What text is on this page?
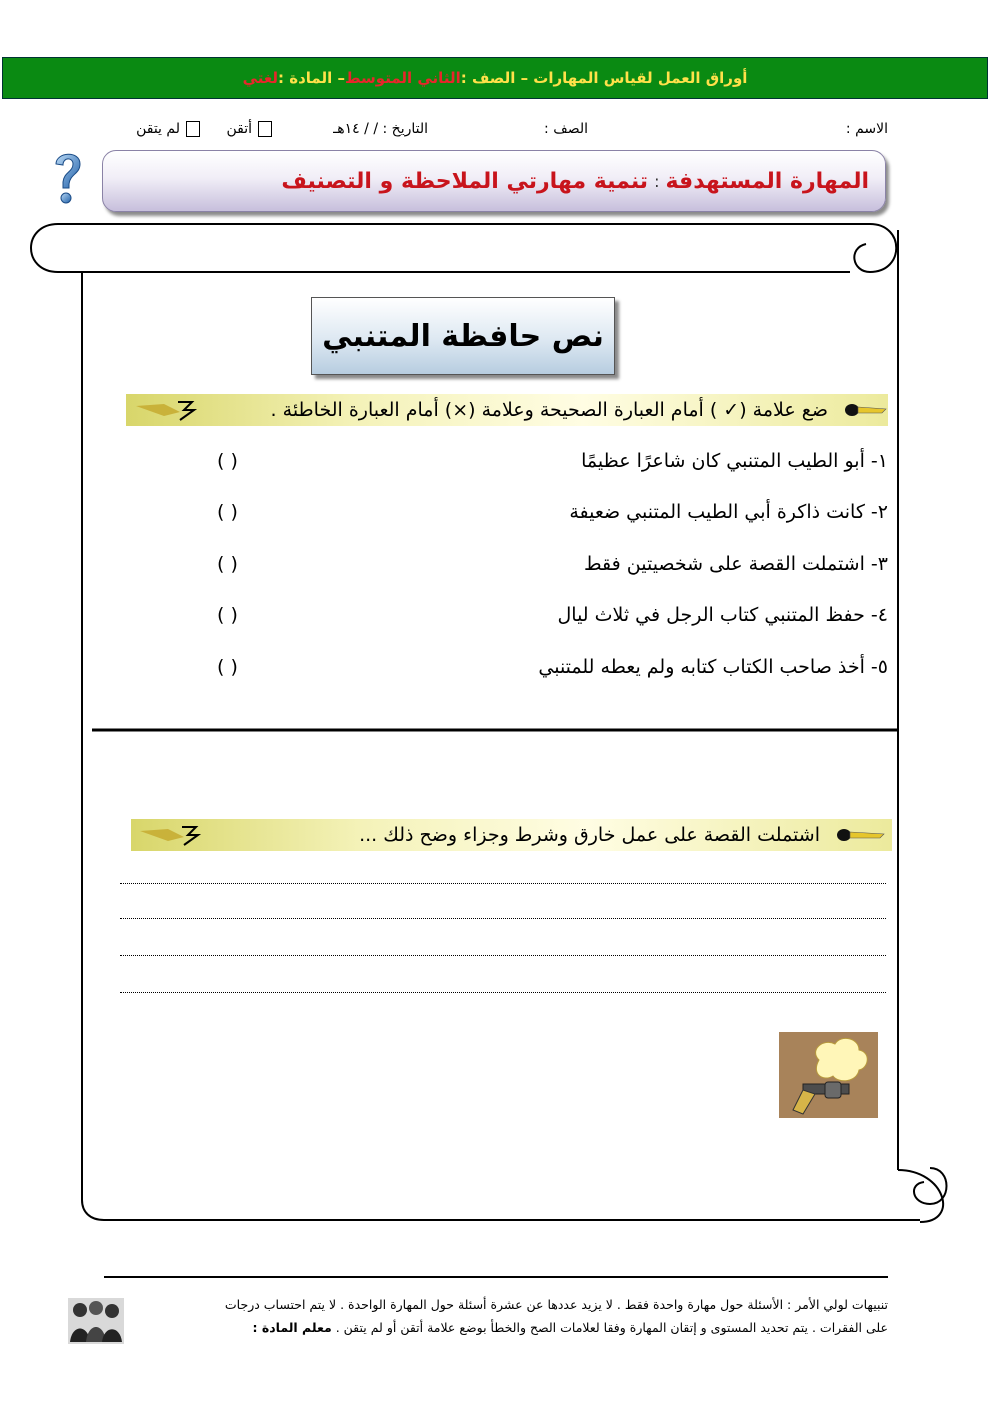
أوراق العمل لقياس المهارات – الصف :
الثاني المتوسط
– المادة :
لغتي
الاسم :
الصف :
التاريخ : / / ١٤هـ
أتقن
لم يتقن
المهارة المستهدفة
:
تنمية مهارتي الملاحظة و التصنيف
نص حافظة المتنبي
ضع علامة (✓ ) أمام العبارة الصحيحة وعلامة (×) أمام العبارة الخاطئة .
١- أبو الطيب المتنبي كان شاعرًا عظيمًا
( )
٢- كانت ذاكرة أبي الطيب المتنبي ضعيفة
( )
٣- اشتملت القصة على شخصيتين فقط
( )
٤- حفظ المتنبي كتاب الرجل في ثلاث ليال
( )
٥- أخذ صاحب الكتاب كتابه ولم يعطه للمتنبي
( )
اشتملت القصة على عمل خارق وشرط وجزاء وضح ذلك ...
تنبيهات لولي الأمر : الأسئلة حول مهارة واحدة فقط . لا يزيد عددها عن عشرة أسئلة حول المهارة الواحدة . لا يتم احتساب درجات
على الفقرات . يتم تحديد المستوى و إتقان المهارة وفقا لعلامات الصح والخطأ بوضع علامة أتقن أو لم يتقن . معلم المادة :
